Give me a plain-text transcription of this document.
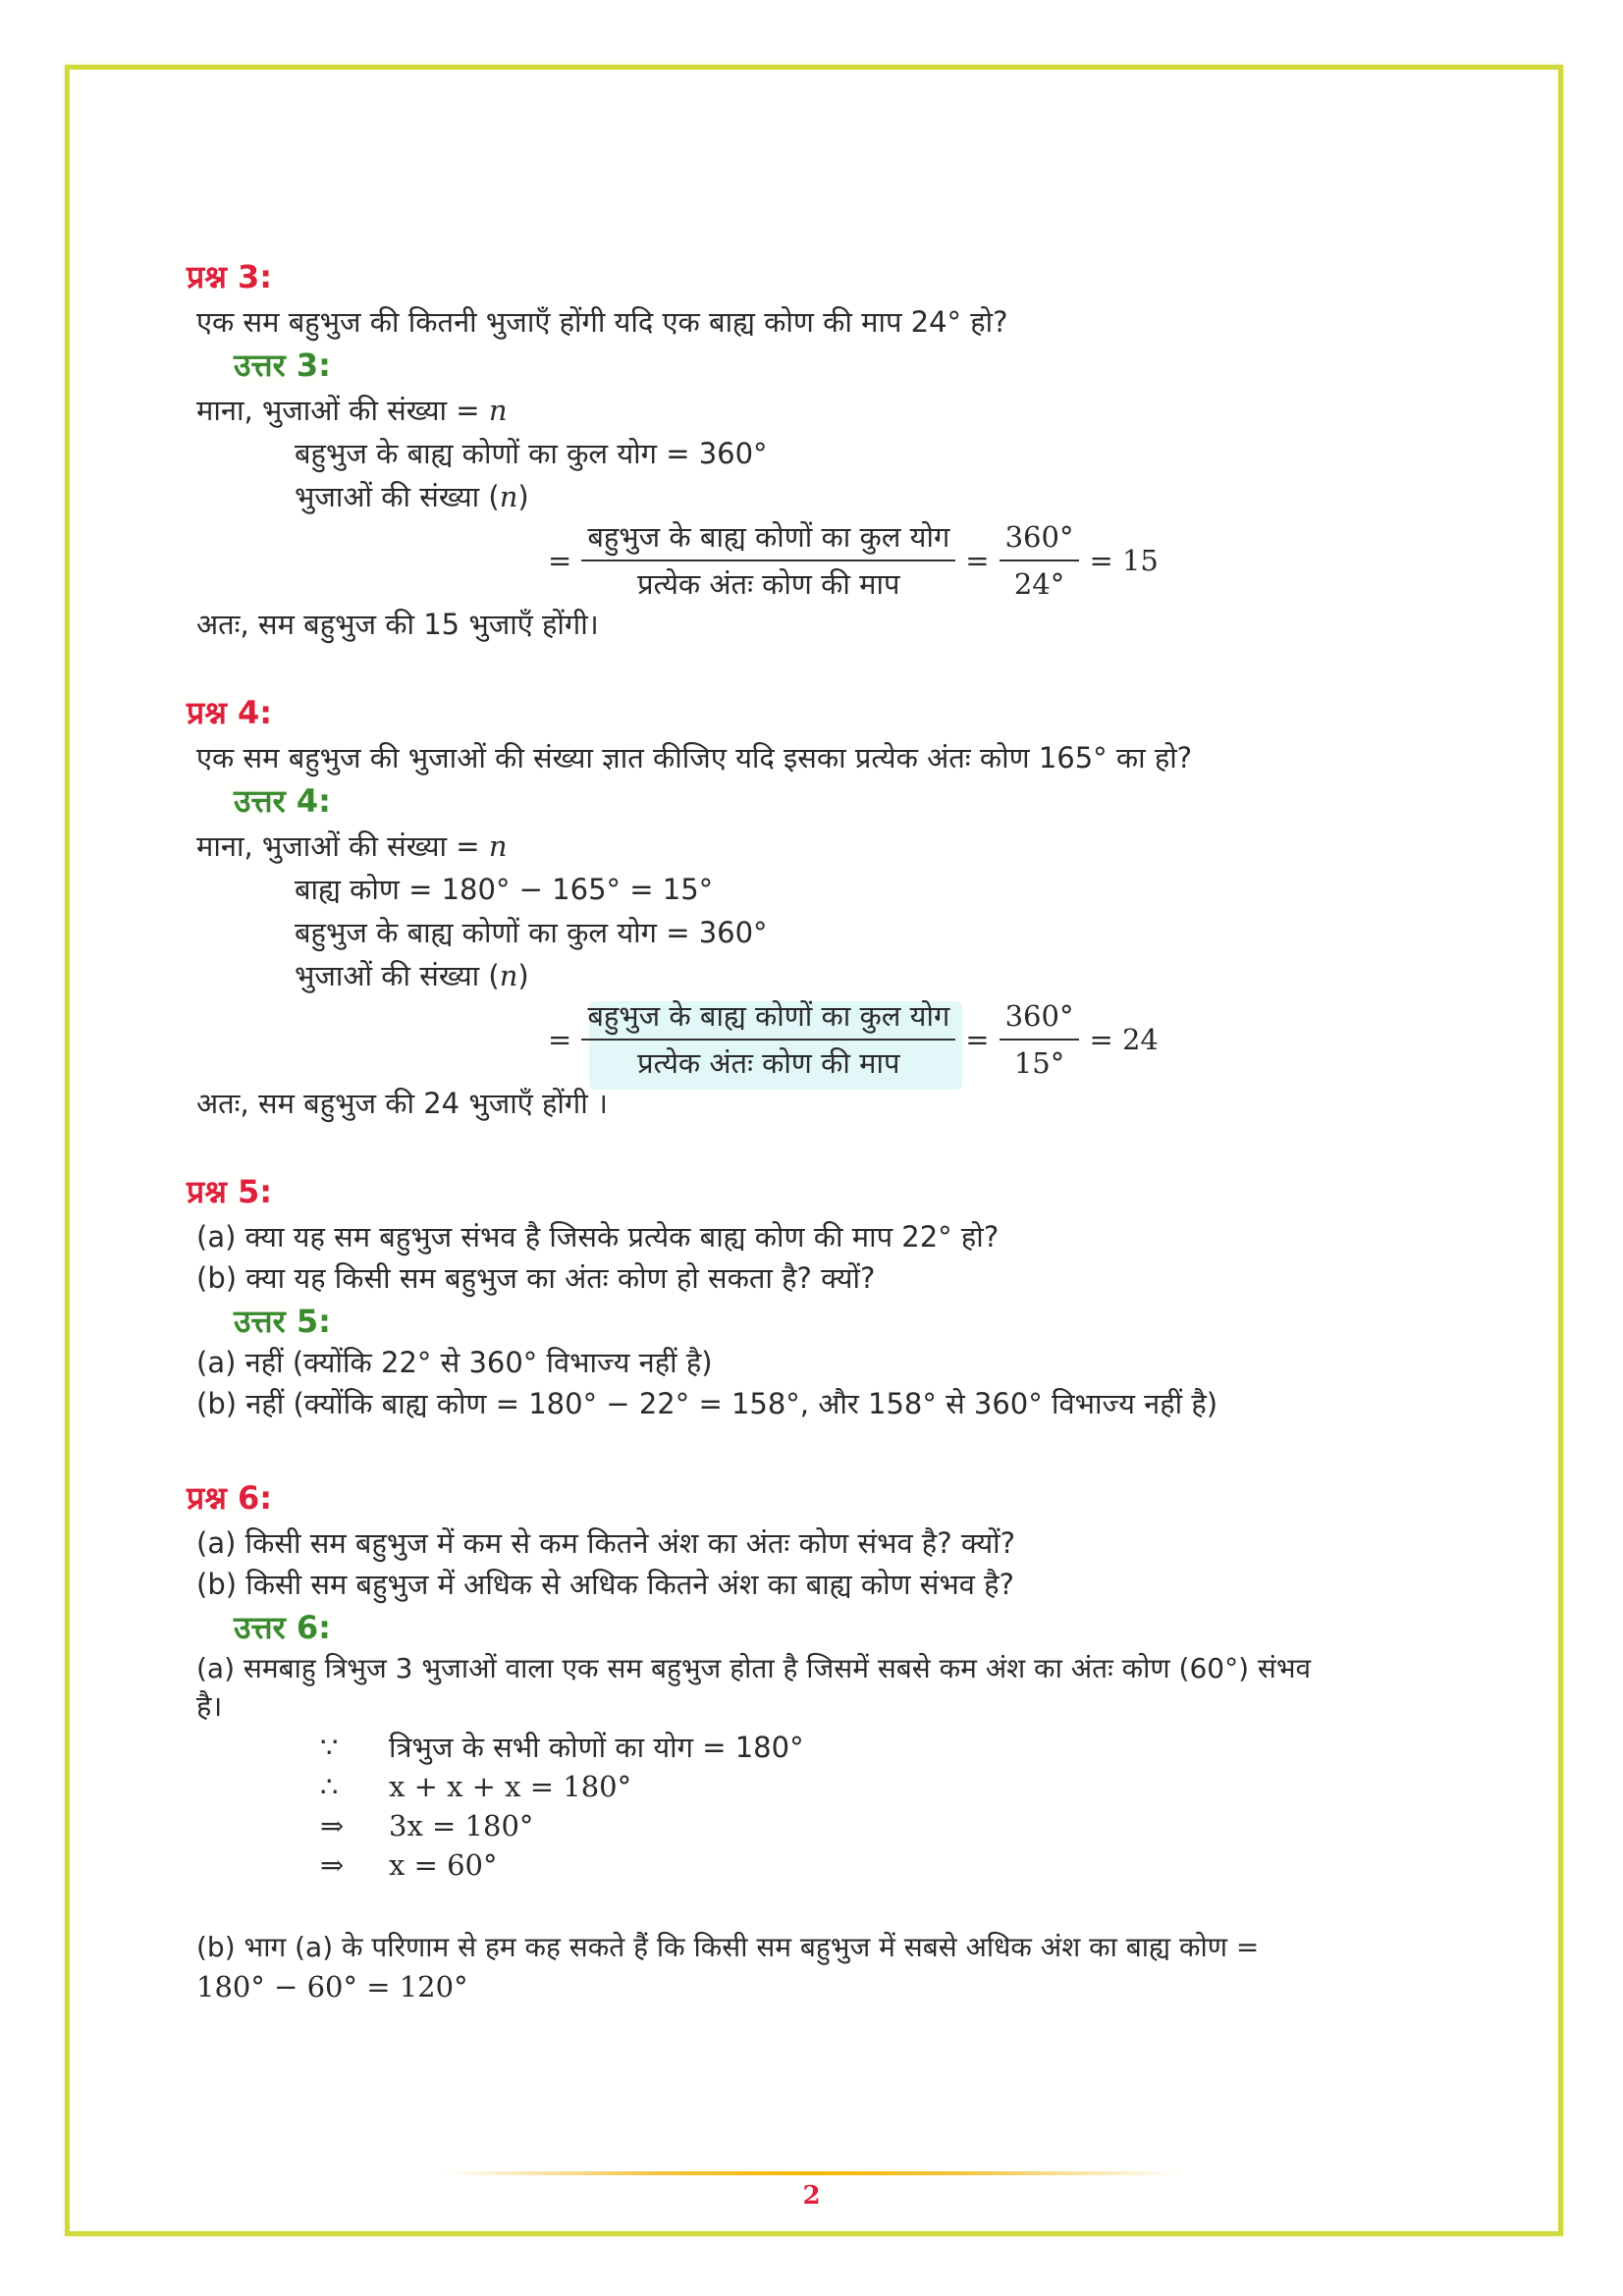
प्रश्न 3:
एक सम बहुभुज की कितनी भुजाएँ होंगी यदि एक बाह्य कोण की माप 24° हो?
उत्तर 3:
माना, भुजाओं की संख्या = n
बहुभुज के बाह्य कोणों का कुल योग = 360°
भुजाओं की संख्या (n)
= $\frac{\text{बहुभुज के बाह्य कोणों का कुल योग}}{\text{प्रत्येक अंतः कोण की माप}} = \frac{360^\circ}{24^\circ} = 15$
अतः, सम बहुभुज की 15 भुजाएँ होंगी।
प्रश्न 4:
एक सम बहुभुज की भुजाओं की संख्या ज्ञात कीजिए यदि इसका प्रत्येक अंतः कोण 165° का हो?
उत्तर 4:
माना, भुजाओं की संख्या = n
बाह्य कोण = 180° − 165° = 15°
बहुभुज के बाह्य कोणों का कुल योग = 360°
भुजाओं की संख्या (n)
= $\frac{\text{बहुभुज के बाह्य कोणों का कुल योग}}{\text{प्रत्येक अंतः कोण की माप}} = \frac{360^\circ}{15^\circ} = 24$
अतः, सम बहुभुज की 24 भुजाएँ होंगी ।
प्रश्न 5:
(a) क्या यह सम बहुभुज संभव है जिसके प्रत्येक बाह्य कोण की माप 22° हो?
(b) क्या यह किसी सम बहुभुज का अंतः कोण हो सकता है? क्यों?
उत्तर 5:
(a) नहीं (क्योंकि 22° से 360° विभाज्य नहीं है)
(b) नहीं (क्योंकि बाह्य कोण = 180° − 22° = 158°, और 158° से 360° विभाज्य नहीं है)
प्रश्न 6:
(a) किसी सम बहुभुज में कम से कम कितने अंश का अंतः कोण संभव है? क्यों?
(b) किसी सम बहुभुज में अधिक से अधिक कितने अंश का बाह्य कोण संभव है?
उत्तर 6:
(a) समबाहु त्रिभुज 3 भुजाओं वाला एक सम बहुभुज होता है जिसमें सबसे कम अंश का अंतः कोण (60°) संभव
है।
∵ त्रिभुज के सभी कोणों का योग = 180°
∴ x + x + x = 180°
⇒ 3x = 180°
⇒ x = 60°
(b) भाग (a) के परिणाम से हम कह सकते हैं कि किसी सम बहुभुज में सबसे अधिक अंश का बाह्य कोण =
180° − 60° = 120°
2
